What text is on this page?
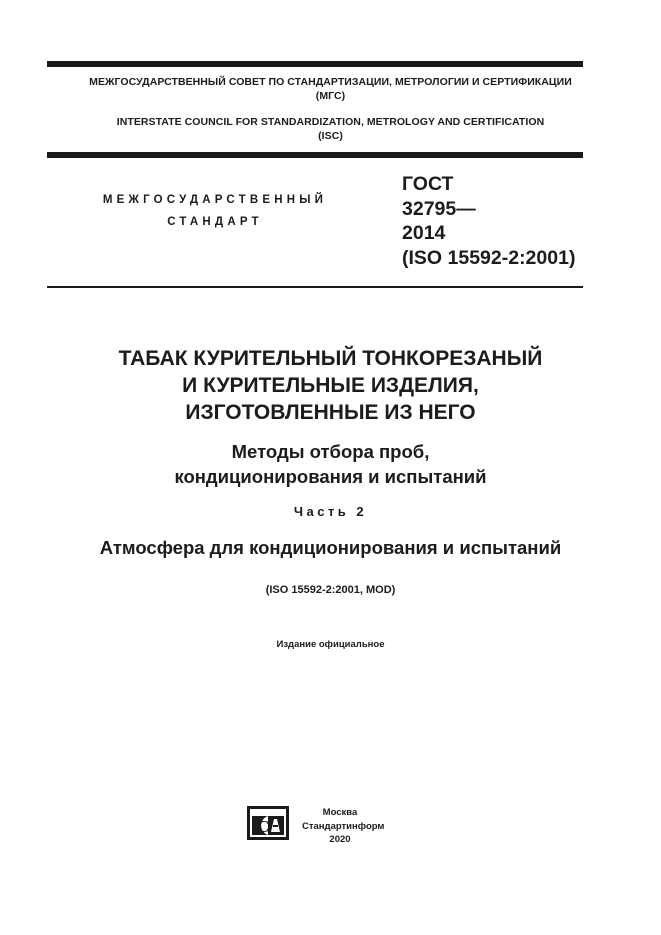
МЕЖГОСУДАРСТВЕННЫЙ СОВЕТ ПО СТАНДАРТИЗАЦИИ, МЕТРОЛОГИИ И СЕРТИФИКАЦИИ
(МГС)
INTERSTATE COUNCIL FOR STANDARDIZATION, METROLOGY AND CERTIFICATION
(ISC)
МЕЖГОСУДАРСТВЕННЫЙ
СТАНДАРТ
ГОСТ
32795—
2014
(ISO 15592-2:2001)
ТАБАК КУРИТЕЛЬНЫЙ ТОНКОРЕЗАНЫЙ
И КУРИТЕЛЬНЫЕ ИЗДЕЛИЯ,
ИЗГОТОВЛЕННЫЕ ИЗ НЕГО
Методы отбора проб,
кондиционирования и испытаний
Часть 2
Атмосфера для кондиционирования и испытаний
(ISO 15592-2:2001, MOD)
Издание официальное
C
Москва
Стандартинформ
2020
